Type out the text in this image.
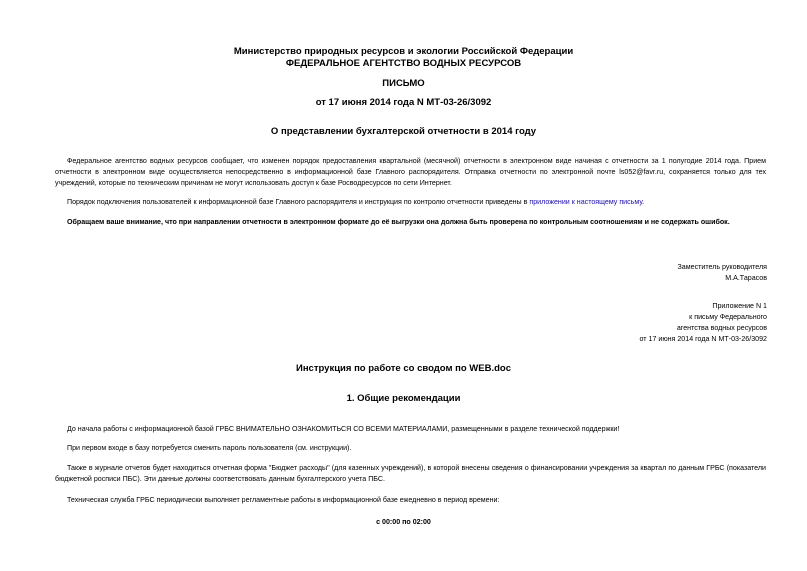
Министерство природных ресурсов и экологии Российской Федерации
ФЕДЕРАЛЬНОЕ АГЕНТСТВО ВОДНЫХ РЕСУРСОВ
ПИСЬМО
от 17 июня 2014 года N МТ-03-26/3092
О представлении бухгалтерской отчетности в 2014 году
Федеральное агентство водных ресурсов сообщает, что изменен порядок предоставления квартальной (месячной) отчетности в электронном виде начиная с отчетности за 1 полугодие 2014 года. Прием отчетности в электронном виде осуществляется непосредственно в информационной базе Главного распорядителя. Отправка отчетности по электронной почте ls052@favr.ru, сохраняется только для тех учреждений, которые по техническим причинам не могут использовать доступ к базе Росводресурсов по сети Интернет.
Порядок подключения пользователей к информационной базе Главного распорядителя и инструкция по контролю отчетности приведены в приложении к настоящему письму.
Обращаем ваше внимание, что при направлении отчетности в электронном формате до её выгрузки она должна быть проверена по контрольным соотношениям и не содержать ошибок.
Заместитель руководителя
М.А.Тарасов
Приложение N 1
к письму Федерального
агентства водных ресурсов
от 17 июня 2014 года N МТ-03-26/3092
Инструкция по работе со сводом по WEB.doc
1. Общие рекомендации
До начала работы с информационной базой ГРБС ВНИМАТЕЛЬНО ОЗНАКОМИТЬСЯ СО ВСЕМИ МАТЕРИАЛАМИ, размещенными в разделе технической поддержки!
При первом входе в базу потребуется сменить пароль пользователя (см. инструкции).
Также в журнале отчетов будет находиться отчетная форма "Бюджет расходы" (для казенных учреждений), в которой внесены сведения о финансировании учреждения за квартал по данным ГРБС (показатели бюджетной росписи ПБС). Эти данные должны соответствовать данным бухгалтерского учета ПБС.
Техническая служба ГРБС периодически выполняет регламентные работы в информационной базе ежедневно в период времени:
с 00:00 по 02:00
